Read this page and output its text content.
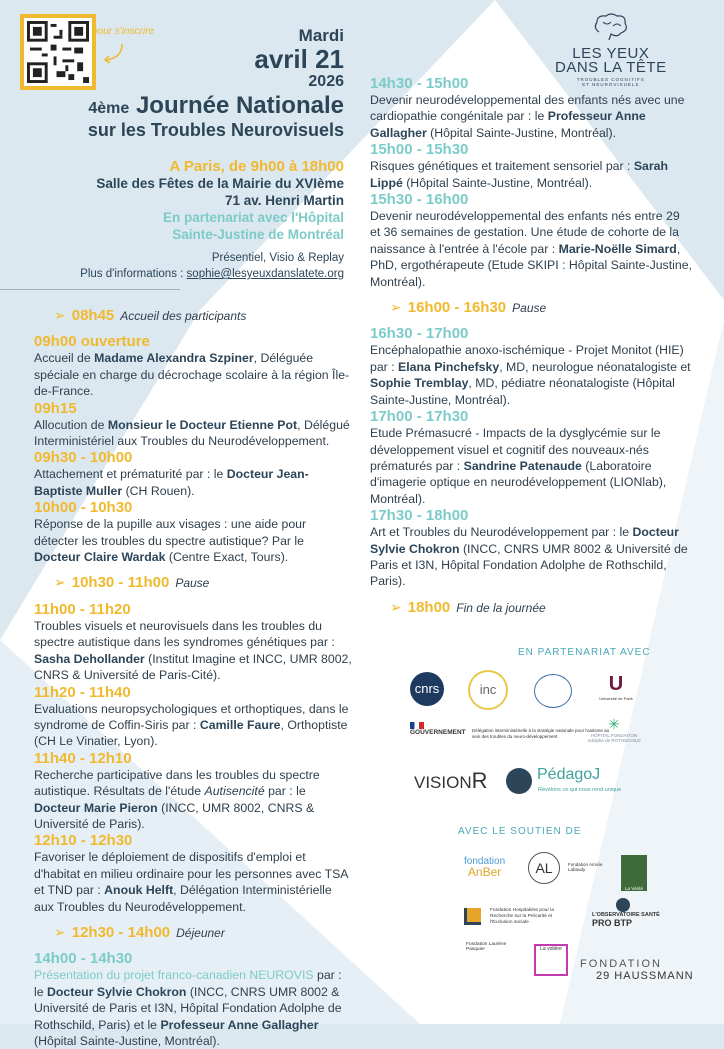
pour s'inscrire	Mardi
avril 21
2026
4ème Journée Nationale
sur les Troubles Neurovisuels
A Paris, de 9h00 à 18h00
Salle des Fêtes de la Mairie du XVIème
71 av. Henri Martin
En partenariat avec l'Hôpital
Sainte-Justine de Montréal
Présentiel, Visio & Replay
Plus d'informations : sophie@lesyeuxdanslatete.org
LES YEUX
DANS LA TÊTE
TROUBLES COGNITIFS
ET NEUROVISUELS
➢ 08h45 Accueil des participants
09h00 ouverture
Accueil de Madame Alexandra Szpiner, Déléguée spéciale en charge du décrochage scolaire à la région Île-de-France.
09h15
Allocution de Monsieur le Docteur Etienne Pot, Délégué Interministériel aux Troubles du Neurodéveloppement.
09h30 - 10h00
Attachement et prématurité par : le Docteur Jean-Baptiste Muller (CH Rouen).
10h00 - 10h30
Réponse de la pupille aux visages : une aide pour détecter les troubles du spectre autistique? Par le Docteur Claire Wardak (Centre Exact, Tours).
➢ 10h30 - 11h00 Pause
11h00 - 11h20
Troubles visuels et neurovisuels dans les troubles du spectre autistique dans les syndromes génétiques par : Sasha Dehollander (Institut Imagine et INCC, UMR 8002, CNRS & Université de Paris-Cité).
11h20 - 11h40
Evaluations neuropsychologiques et orthoptiques, dans le syndrome de Coffin-Siris par : Camille Faure, Orthoptiste (CH Le Vinatier, Lyon).
11h40 - 12h10
Recherche participative dans les troubles du spectre autistique. Résultats de l'étude Autisencité par : le Docteur Marie Pieron (INCC, UMR 8002, CNRS & Université de Paris).
12h10 - 12h30
Favoriser le déploiement de dispositifs d'emploi et d'habitat en milieu ordinaire pour les personnes avec TSA et TND par : Anouk Helft, Délégation Interministérielle aux Troubles du Neurodéveloppement.
➢ 12h30 - 14h00 Déjeuner
14h00 - 14h30
Présentation du projet franco-canadien NEUROVIS par : le Docteur Sylvie Chokron (INCC, CNRS UMR 8002 & Université de Paris et I3N, Hôpital Fondation Adolphe de Rothschild, Paris) et le Professeur Anne Gallagher (Hôpital Sainte-Justine, Montréal).
14h30 - 15h00
Devenir neurodéveloppemental des enfants nés avec une cardiopathie congénitale par : le Professeur Anne Gallagher (Hôpital Sainte-Justine, Montréal).
15h00 - 15h30
Risques génétiques et traitement sensoriel par : Sarah Lippé (Hôpital Sainte-Justine, Montréal).
15h30 - 16h00
Devenir neurodéveloppemental des enfants nés entre 29 et 36 semaines de gestation. Une étude de cohorte de la naissance à l'entrée à l'école par : Marie-Noëlle Simard, PhD, ergothérapeute (Etude SKIPI : Hôpital Sainte-Justine, Montréal).
➢ 16h00 - 16h30 Pause
16h30 - 17h00
Encéphalopathie anoxo-ischémique - Projet Monitot (HIE) par : Elana Pinchefsky, MD, neurologue néonatalogiste et Sophie Tremblay, MD, pédiatre néonatalogiste (Hôpital Sainte-Justine, Montréal).
17h00 - 17h30
Etude Prémasucré - Impacts de la dysglycémie sur le développement visuel et cognitif des nouveaux-nés prématurés par : Sandrine Patenaude (Laboratoire d'imagerie optique en neurodéveloppement (LIONlab), Montréal).
17h30 - 18h00
Art et Troubles du Neurodéveloppement par : le Docteur Sylvie Chokron (INCC, CNRS UMR 8002 & Université de Paris et I3N, Hôpital Fondation Adolphe de Rothschild, Paris).
➢ 18h00 Fin de la journée
EN PARTENARIAT AVEC
cnrs	inc	U
Université de Paris
GOUVERNEMENT Délégation interministérielle à la stratégie nationale pour l'autisme au sein des troubles du neuro-développement
✳
HÔPITAL FONDATION Adolphe de ROTHSCHILD
VISIONR	PédagoJ
Révélons ce qui nous rend unique
AVEC LE SOUTIEN DE
fondation
AnBer	AL	Fondation Amicie Labaudy
La Vérité
Fondation Hospitalière pour la Recherche sur la Précarité et l'Exclusion sociale
L'OBSERVATOIRE SANTÉ
PRO BTP
Fondation Laurène Pasquier	La volière
FONDATION
29 HAUSSMANN
